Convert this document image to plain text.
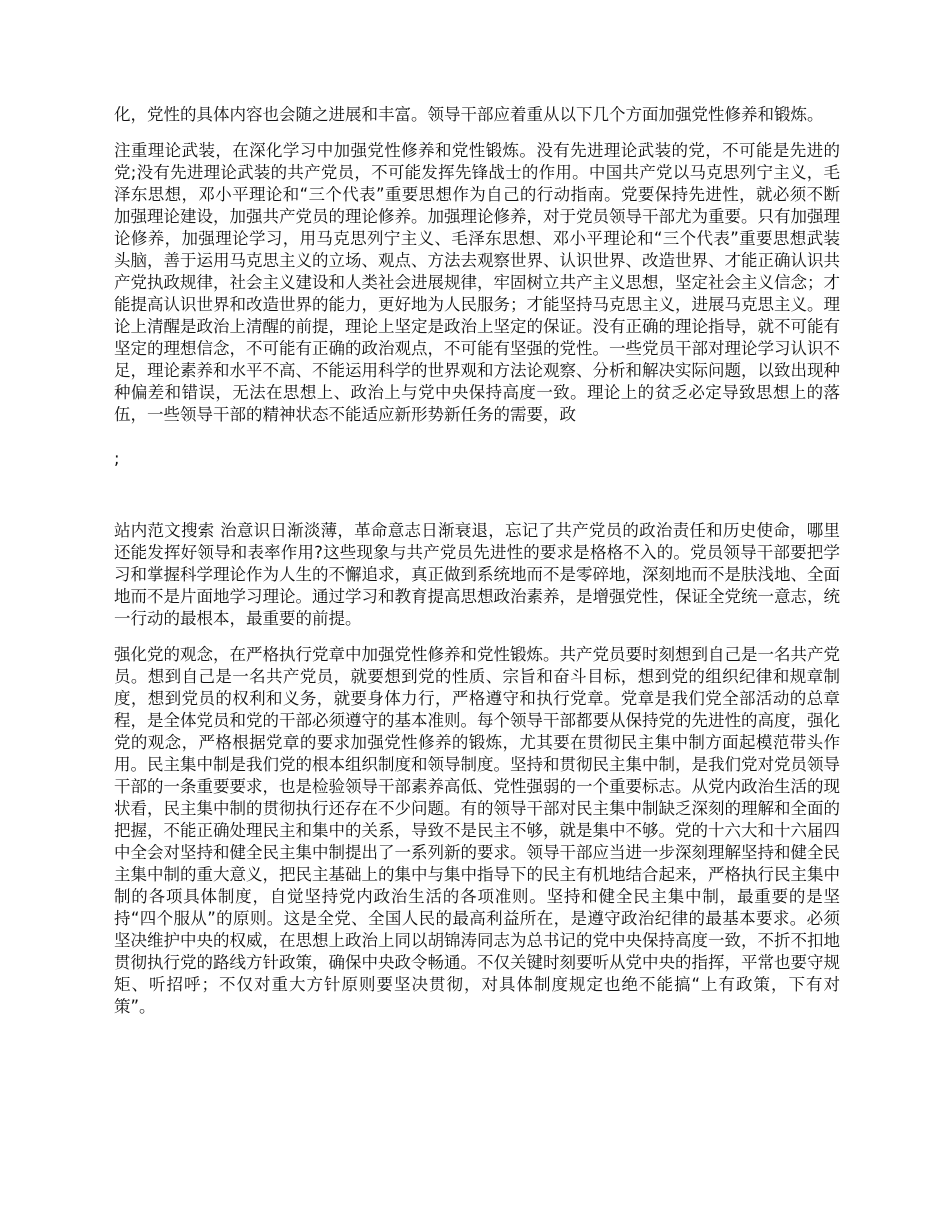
化，党性的具体内容也会随之进展和丰富。领导干部应着重从以下几个方面加强党性修养和锻炼。

注重理论武装，在深化学习中加强党性修养和党性锻炼。没有先进理论武装的党，不可能是先进的党;没有先进理论武装的共产党员，不可能发挥先锋战士的作用。中国共产党以马克思列宁主义，毛泽东思想，邓小平理论和“三个代表”重要思想作为自己的行动指南。党要保持先进性，就必须不断加强理论建设，加强共产党员的理论修养。加强理论修养，对于党员领导干部尤为重要。只有加强理论修养，加强理论学习，用马克思列宁主义、毛泽东思想、邓小平理论和“三个代表”重要思想武装头脑，善于运用马克思主义的立场、观点、方法去观察世界、认识世界、改造世界、才能正确认识共产党执政规律，社会主义建设和人类社会进展规律，牢固树立共产主义思想，坚定社会主义信念；才能提高认识世界和改造世界的能力，更好地为人民服务；才能坚持马克思主义，进展马克思主义。理论上清醒是政治上清醒的前提，理论上坚定是政治上坚定的保证。没有正确的理论指导，就不可能有坚定的理想信念，不可能有正确的政治观点，不可能有坚强的党性。一些党员干部对理论学习认识不足，理论素养和水平不高、不能运用科学的世界观和方法论观察、分析和解决实际问题，以致出现种种偏差和错误，无法在思想上、政治上与党中央保持高度一致。理论上的贫乏必定导致思想上的落伍，一些领导干部的精神状态不能适应新形势新任务的需要，政

;

站内范文搜索 治意识日渐淡薄，革命意志日渐衰退，忘记了共产党员的政治责任和历史使命，哪里还能发挥好领导和表率作用?这些现象与共产党员先进性的要求是格格不入的。党员领导干部要把学习和掌握科学理论作为人生的不懈追求，真正做到系统地而不是零碎地，深刻地而不是肤浅地、全面地而不是片面地学习理论。通过学习和教育提高思想政治素养，是增强党性，保证全党统一意志，统一行动的最根本，最重要的前提。

强化党的观念，在严格执行党章中加强党性修养和党性锻炼。共产党员要时刻想到自己是一名共产党员。想到自己是一名共产党员，就要想到党的性质、宗旨和奋斗目标，想到党的组织纪律和规章制度，想到党员的权利和义务，就要身体力行，严格遵守和执行党章。党章是我们党全部活动的总章程，是全体党员和党的干部必须遵守的基本准则。每个领导干部都要从保持党的先进性的高度，强化党的观念，严格根据党章的要求加强党性修养的锻炼，尤其要在贯彻民主集中制方面起模范带头作用。民主集中制是我们党的根本组织制度和领导制度。坚持和贯彻民主集中制，是我们党对党员领导干部的一条重要要求，也是检验领导干部素养高低、党性强弱的一个重要标志。从党内政治生活的现状看，民主集中制的贯彻执行还存在不少问题。有的领导干部对民主集中制缺乏深刻的理解和全面的把握，不能正确处理民主和集中的关系，导致不是民主不够，就是集中不够。党的十六大和十六届四中全会对坚持和健全民主集中制提出了一系列新的要求。领导干部应当进一步深刻理解坚持和健全民主集中制的重大意义，把民主基础上的集中与集中指导下的民主有机地结合起来，严格执行民主集中制的各项具体制度，自觉坚持党内政治生活的各项准则。坚持和健全民主集中制，最重要的是坚持“四个服从”的原则。这是全党、全国人民的最高利益所在，是遵守政治纪律的最基本要求。必须坚决维护中央的权威，在思想上政治上同以胡锦涛同志为总书记的党中央保持高度一致，不折不扣地贯彻执行党的路线方针政策，确保中央政令畅通。不仅关键时刻要听从党中央的指挥，平常也要守规矩、听招呼；不仅对重大方针原则要坚决贯彻，对具体制度规定也绝不能搞“上有政策，下有对策”。
